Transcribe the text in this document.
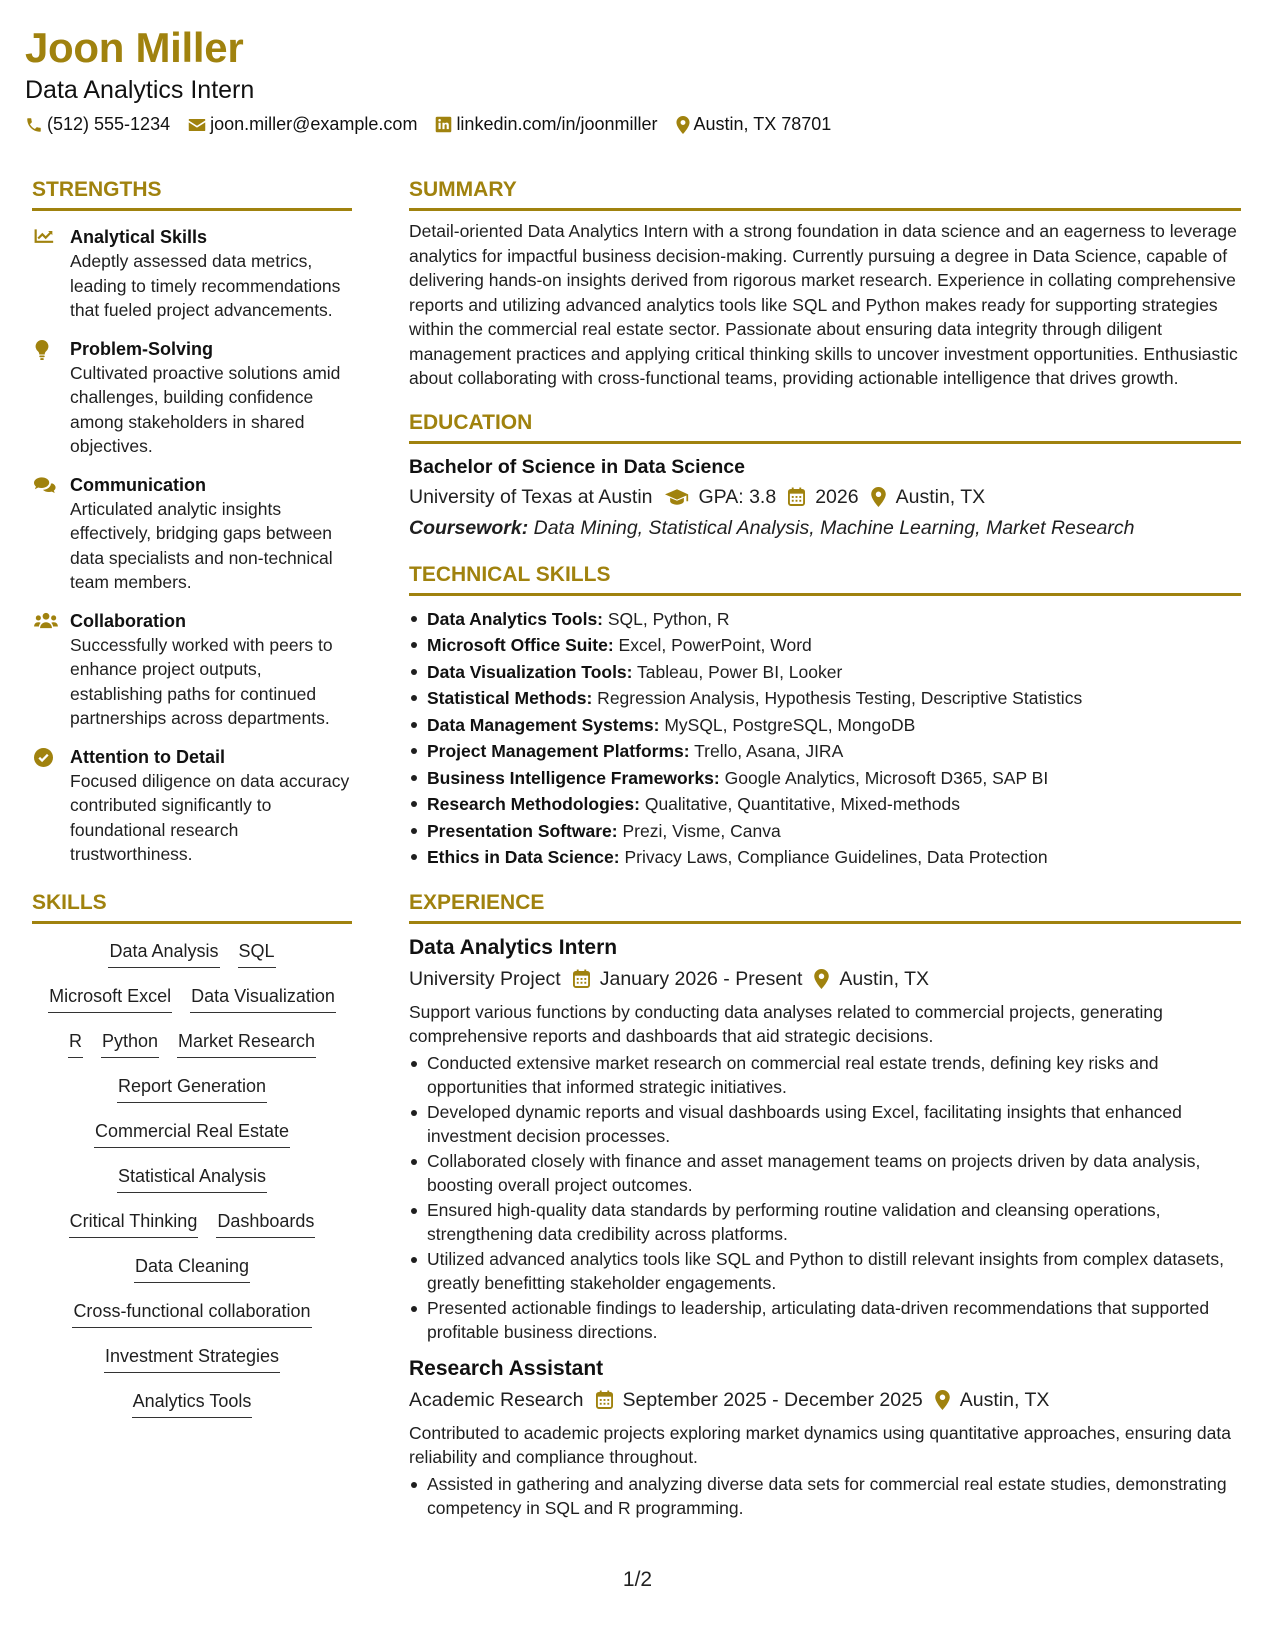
Joon Miller
Data Analytics Intern
(512) 555-1234 joon.miller@example.com linkedin.com/in/joonmiller Austin, TX 78701
STRENGTHS
Analytical Skills
Adeptly assessed data metrics, leading to timely recommendations that fueled project advancements.
Problem-Solving
Cultivated proactive solutions amid challenges, building confidence among stakeholders in shared objectives.
Communication
Articulated analytic insights effectively, bridging gaps between data specialists and non-technical team members.
Collaboration
Successfully worked with peers to enhance project outputs, establishing paths for continued partnerships across departments.
Attention to Detail
Focused diligence on data accuracy contributed significantly to foundational research trustworthiness.
SKILLS
Data Analysis SQL
Microsoft Excel Data Visualization
R Python Market Research
Report Generation
Commercial Real Estate
Statistical Analysis
Critical Thinking Dashboards
Data Cleaning
Cross-functional collaboration
Investment Strategies
Analytics Tools
SUMMARY
Detail-oriented Data Analytics Intern with a strong foundation in data science and an eagerness to leverage analytics for impactful business decision-making. Currently pursuing a degree in Data Science, capable of delivering hands-on insights derived from rigorous market research. Experience in collating comprehensive reports and utilizing advanced analytics tools like SQL and Python makes ready for supporting strategies within the commercial real estate sector. Passionate about ensuring data integrity through diligent management practices and applying critical thinking skills to uncover investment opportunities. Enthusiastic about collaborating with cross-functional teams, providing actionable intelligence that drives growth.
EDUCATION
Bachelor of Science in Data Science
University of Texas at Austin GPA: 3.8 2026 Austin, TX
Coursework: Data Mining, Statistical Analysis, Machine Learning, Market Research
TECHNICAL SKILLS
Data Analytics Tools: SQL, Python, R
Microsoft Office Suite: Excel, PowerPoint, Word
Data Visualization Tools: Tableau, Power BI, Looker
Statistical Methods: Regression Analysis, Hypothesis Testing, Descriptive Statistics
Data Management Systems: MySQL, PostgreSQL, MongoDB
Project Management Platforms: Trello, Asana, JIRA
Business Intelligence Frameworks: Google Analytics, Microsoft D365, SAP BI
Research Methodologies: Qualitative, Quantitative, Mixed-methods
Presentation Software: Prezi, Visme, Canva
Ethics in Data Science: Privacy Laws, Compliance Guidelines, Data Protection
EXPERIENCE
Data Analytics Intern
University Project January 2026 - Present Austin, TX
Support various functions by conducting data analyses related to commercial projects, generating comprehensive reports and dashboards that aid strategic decisions.
Conducted extensive market research on commercial real estate trends, defining key risks and opportunities that informed strategic initiatives.
Developed dynamic reports and visual dashboards using Excel, facilitating insights that enhanced investment decision processes.
Collaborated closely with finance and asset management teams on projects driven by data analysis, boosting overall project outcomes.
Ensured high-quality data standards by performing routine validation and cleansing operations, strengthening data credibility across platforms.
Utilized advanced analytics tools like SQL and Python to distill relevant insights from complex datasets, greatly benefitting stakeholder engagements.
Presented actionable findings to leadership, articulating data-driven recommendations that supported profitable business directions.
Research Assistant
Academic Research September 2025 - December 2025 Austin, TX
Contributed to academic projects exploring market dynamics using quantitative approaches, ensuring data reliability and compliance throughout.
Assisted in gathering and analyzing diverse data sets for commercial real estate studies, demonstrating competency in SQL and R programming.
1/2
